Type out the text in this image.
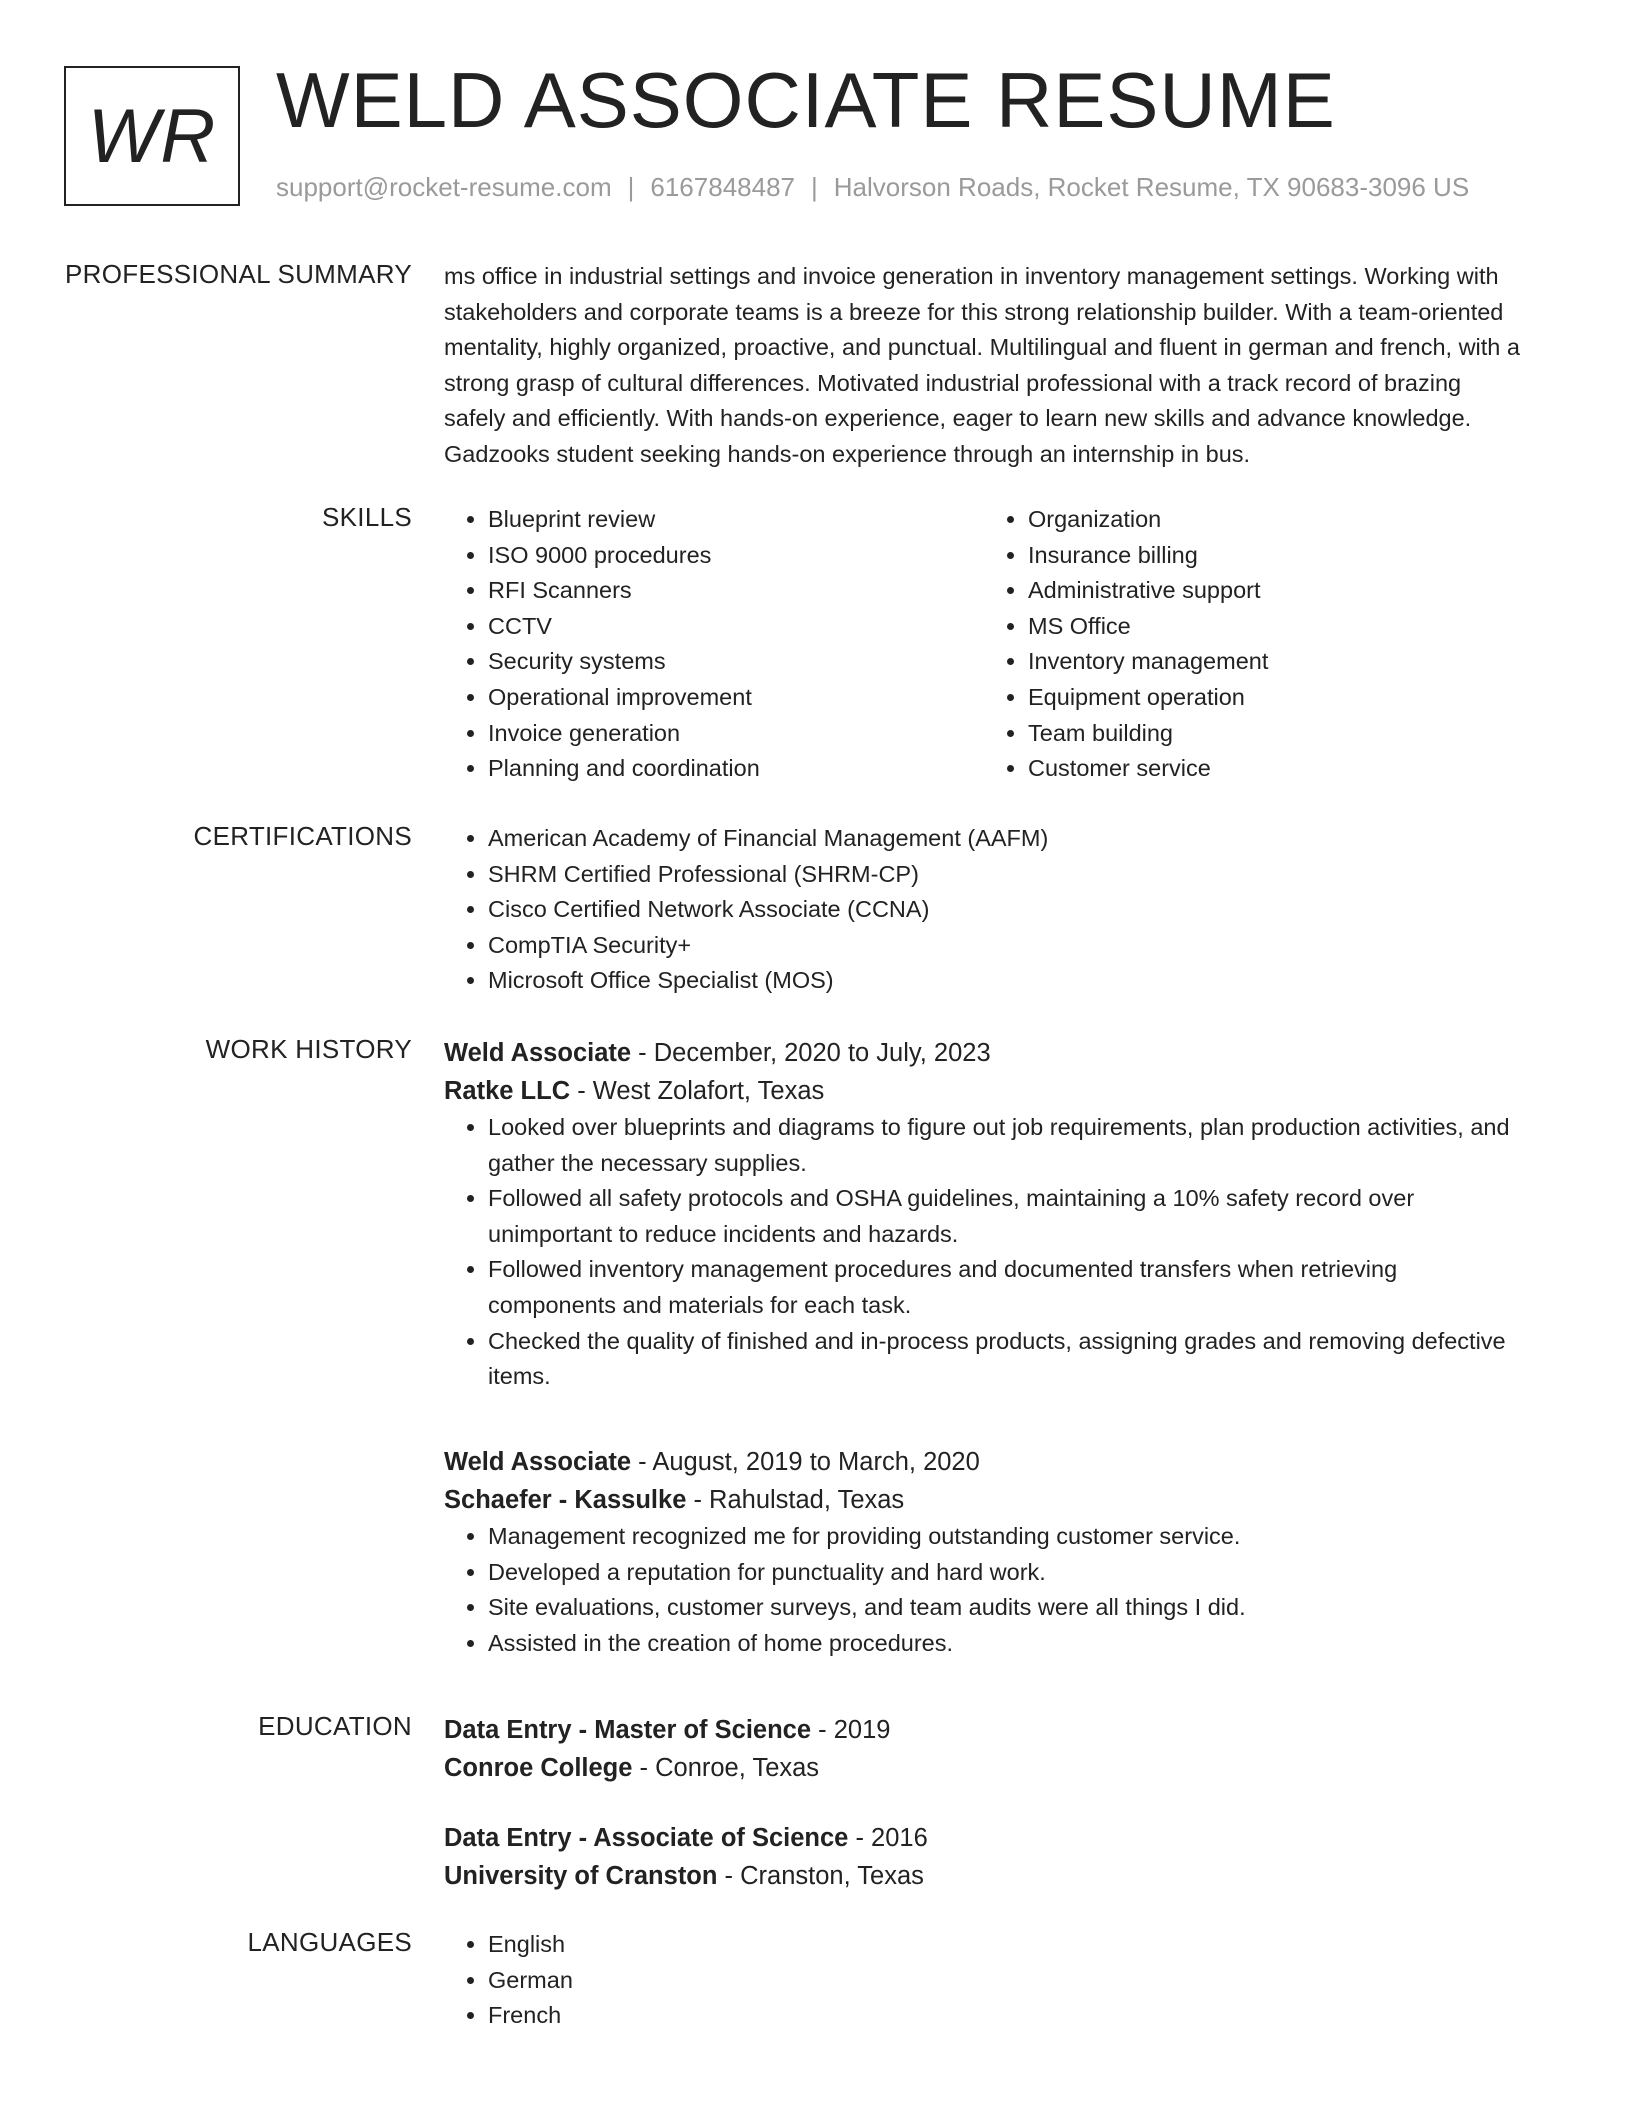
WR WELD ASSOCIATE RESUME
support@rocket-resume.com | 6167848487 | Halvorson Roads, Rocket Resume, TX 90683-3096 US
PROFESSIONAL SUMMARY ms office in industrial settings and invoice generation in inventory management settings. Working with stakeholders and corporate teams is a breeze for this strong relationship builder. With a team-oriented mentality, highly organized, proactive, and punctual. Multilingual and fluent in german and french, with a strong grasp of cultural differences. Motivated industrial professional with a track record of brazing safely and efficiently. With hands-on experience, eager to learn new skills and advance knowledge. Gadzooks student seeking hands-on experience through an internship in bus.

SKILLS	• Blueprint review
• ISO 9000 procedures
• RFI Scanners
• CCTV
• Security systems
• Operational improvement
• Invoice generation
• Planning and coordination
• Organization
• Insurance billing
• Administrative support
• MS Office
• Inventory management
• Equipment operation
• Team building
• Customer service
CERTIFICATIONS	• American Academy of Financial Management (AAFM)
• SHRM Certified Professional (SHRM-CP)
• Cisco Certified Network Associate (CCNA)
• CompTIA Security+
• Microsoft Office Specialist (MOS)
WORK HISTORY Weld Associate - December, 2020 to July, 2023
Ratke LLC - West Zolafort, Texas
• Looked over blueprints and diagrams to figure out job requirements, plan production activities, and gather the necessary supplies.
• Followed all safety protocols and OSHA guidelines, maintaining a 10% safety record over unimportant to reduce incidents and hazards.
• Followed inventory management procedures and documented transfers when retrieving components and materials for each task.
• Checked the quality of finished and in-process products, assigning grades and removing defective items.
Weld Associate - August, 2019 to March, 2020
Schaefer - Kassulke - Rahulstad, Texas
• Management recognized me for providing outstanding customer service.
• Developed a reputation for punctuality and hard work.
• Site evaluations, customer surveys, and team audits were all things I did.
• Assisted in the creation of home procedures.
EDUCATION Data Entry - Master of Science - 2019
Conroe College - Conroe, Texas
Data Entry - Associate of Science - 2016
University of Cranston - Cranston, Texas
LANGUAGES	• English
• German
• French
